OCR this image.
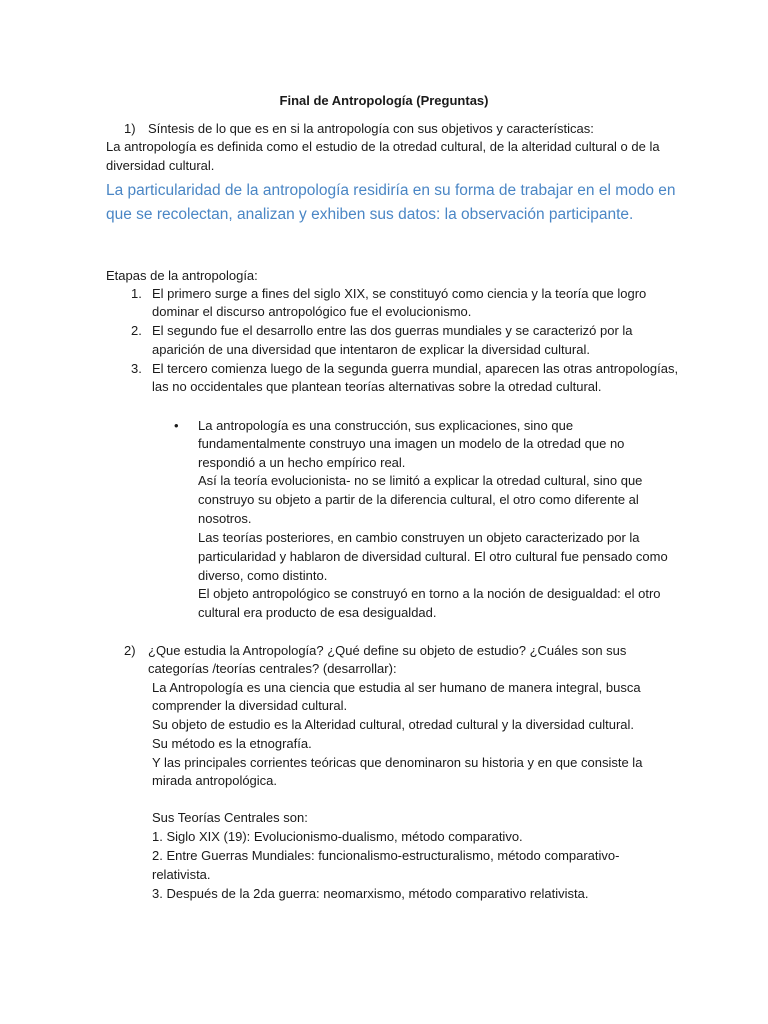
Final de Antropología (Preguntas)
1) Síntesis de lo que es en si la antropología con sus objetivos y características:
La antropología es definida como el estudio de la otredad cultural, de la alteridad cultural o de la
diversidad cultural.
La particularidad de la antropología residiría en su forma de trabajar en el modo en
que se recolectan, analizan y exhiben sus datos: la observación participante.
Etapas de la antropología:
1. El primero surge a fines del siglo XIX, se constituyó como ciencia y la teoría que logro
dominar el discurso antropológico fue el evolucionismo.
2. El segundo fue el desarrollo entre las dos guerras mundiales y se caracterizó por la
aparición de una diversidad que intentaron de explicar la diversidad cultural.
3. El tercero comienza luego de la segunda guerra mundial, aparecen las otras antropologías,
las no occidentales que plantean teorías alternativas sobre la otredad cultural.
• La antropología es una construcción, sus explicaciones, sino que
fundamentalmente construyo una imagen un modelo de la otredad que no
respondió a un hecho empírico real.
Así la teoría evolucionista- no se limitó a explicar la otredad cultural, sino que
construyo su objeto a partir de la diferencia cultural, el otro como diferente al
nosotros.
Las teorías posteriores, en cambio construyen un objeto caracterizado por la
particularidad y hablaron de diversidad cultural. El otro cultural fue pensado como
diverso, como distinto.
El objeto antropológico se construyó en torno a la noción de desigualdad: el otro
cultural era producto de esa desigualdad.
2) ¿Que estudia la Antropología? ¿Qué define su objeto de estudio? ¿Cuáles son sus
categorías /teorías centrales? (desarrollar):
La Antropología es una ciencia que estudia al ser humano de manera integral, busca
comprender la diversidad cultural.
Su objeto de estudio es la Alteridad cultural, otredad cultural y la diversidad cultural.
Su método es la etnografía.
Y las principales corrientes teóricas que denominaron su historia y en que consiste la
mirada antropológica.
Sus Teorías Centrales son:
1. Siglo XIX (19): Evolucionismo-dualismo, método comparativo.
2. Entre Guerras Mundiales: funcionalismo-estructuralismo, método comparativo-
relativista.
3. Después de la 2da guerra: neomarxismo, método comparativo relativista.
